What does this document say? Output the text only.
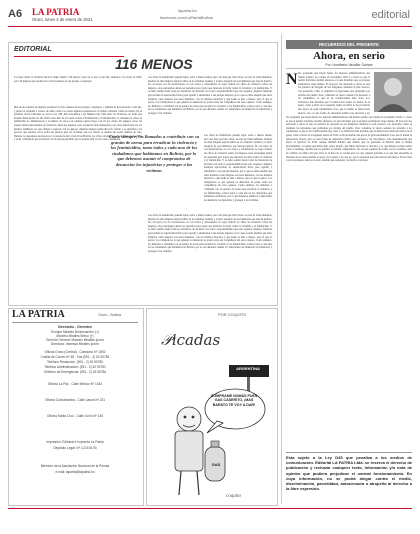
A6 LA PATRIA
Oruro, lunes 4 de enero de 2021
lapatria.bo
facebook.com/LaPatriaBolivia	editorial
EDITORIAL
116 MENOS
La triste cuenta la violencia hacia la mujer señala "116 menos", pero en lo que va del año, sumados a las cifras de 2020, son 116 mujeres que perdieron la vida en manos de sus parejas o exparejas.
Más de un centenar de mujeres perdieron la vida a manos de sus parejas o exparejas, o también de desconocidos, cada año, y dejan en orfandad a cientos de niños, entre los cuales algunos presenciaron el crimen cometido contra su madre. En el gobierno de Evo Morales se creó la Ley 348, Para Garantizar a las Mujeres una Vida Libre de Violencia, en lucha que Jeanine Áñez declaró el año 2020 como Año de la Lucha Contra el Feminicidio y el Infanticidio; no obstante las cifras de feminicidio no disminuyeron y el número de casos con condena apenas llega a un 10 por ciento. En algunos casos, las parejas tienen antecedentes de violencia contra sus mujeres, pero la justicia tarda demasiado y en otras situaciones son los mismos familiares los que obligan a regresar con su agresor. Algunas mujeres piden divorcio, llevan y se enfrentan a un proceso que muchas veces acaba sin justicia para las víctimas, que por miedo se quedan sin poder cambiar de vida. Durante la cuarentena declarada por la presencia del Covid-19 en Bolivia, las cifras alcanzaron a 23 víctimas de violencia y se ha confirmado que el encierro de las parejas permitió que no podían salir de sus casas a denunciar.
Las cifras de feminicidio pueden bajar, sobre o menos tienen, pero son más que frías cifras, se trata de vidas humanas, muchas de ellas mujeres dejaron niños en la orfandad, traumas y el grito ahogado de sus familiares que buscan justicia. Ni con leyes, ni con declaratorias, ni con avisos y advertencias se logró reducir las cifras de violencia contra las mujeres, otras estrategias deben ser pensadas para lograr que funcione la lucha contra la violencia y el feminicidio. Y se debe asumir desde todas las instancias de decisión con toda la responsabilidad que esto requiere. Algunos hombres aprovechan su superioridad física para agredir y amedrentar a sus parejas mujeres, por lo que se debe enseñar que tanto hombres como mujeres son seres humanos, con los mismos derechos y que nadie es más o menos, para el que lo ejerce. Los trabajadores lo que quieren es demostrar su poder sobre sus compañeras del sexo opuesto. Como siempre, los llamados a contribuir con su granito de arena para erradicar la violencia y los feminicidios, somos todos y cada uno de los ciudadanos que habitamos en Bolivia, por lo que debemos asumir el compromiso de denunciar los injusticias y proteger a las víctimas.
Como siempre, los llamados a contribuir con su granito de arena para erradicar la violencia y los feminicidios, tomo todos y cada uno de los ciudadanos que habitamos en Bolivia, por lo que debemos asumir el compromiso de denunciar los injusticias y proteger a las víctimas
Las cifras de feminicidio pueden bajar, sobre o menos tienen, pero son más que frías cifras, se trata de vidas humanas, muchas de ellas mujeres dejaron niños en la orfandad, traumas y el grito ahogado de sus familiares que buscan justicia. Ni con leyes, ni con declaratorias, ni con avisos y advertencias se logró reducir las cifras de violencia contra las mujeres, otras estrategias deben ser pensadas para lograr que funcione la lucha contra la violencia y el feminicidio. Y se debe asumir desde todas las instancias de decisión con toda la responsabilidad que esto requiere. Algunos hombres aprovechan su superioridad física para agredir y amedrentar a sus parejas mujeres, por lo que se debe enseñar que tanto hombres como mujeres son seres humanos, con los mismos derechos y que nadie es más o menos, para el que lo ejerce. Los trabajadores lo que quieren es demostrar su poder sobre sus compañeras del sexo opuesto. Como siempre, los llamados a contribuir con su granito de arena para erradicar la violencia y los feminicidios, somos todos y cada uno de los ciudadanos que habitamos en Bolivia, por lo que debemos asumir el compromiso de denunciar los injusticias y proteger a las víctimas.
Las cifras de feminicidio pueden bajar, sobre o menos tienen, pero son más que frías cifras, se trata de vidas humanas, muchas de ellas mujeres dejaron niños en la orfandad, traumas y el grito ahogado de sus familiares que buscan justicia. Ni con leyes, ni con declaratorias, ni con avisos y advertencias se logró reducir las cifras de violencia contra las mujeres, otras estrategias deben ser pensadas para lograr que funcione la lucha contra la violencia y el feminicidio. Y se debe asumir desde todas las instancias de decisión con toda la responsabilidad que esto requiere. Algunos hombres aprovechan su superioridad física para agredir y amedrentar a sus parejas mujeres, por lo que se debe enseñar que tanto hombres como mujeres son seres humanos, con los mismos derechos y que nadie es más o menos, para el que lo ejerce. Los trabajadores lo que quieren es demostrar su poder sobre sus compañeras del sexo opuesto. Como siempre, los llamados a contribuir con su granito de arena para erradicar la violencia y los feminicidios, somos todos y cada uno de los ciudadanos que habitamos en Bolivia, por lo que debemos asumir el compromiso de denunciar los injusticias y proteger a las víctimas.
LA PATRIA	Oruro - Bolivia
Directorio - Gerentes
Enrique Miralles Bonnecarrère (†)
Marcelo Miralles Bravo (†)
Gerente General: Marcelo Miralles Iporre
Directora: Vanessa Miralles Iporre
Oficina Oruro (Central) - Camacho Nº 1892
Casilla de Correo Nº 48 · Fax (591 - 2) 52 50782
Teléfono Redacción: (591 - 2) 52 50780
Teléfono Administración: (591 - 2) 52 50781
Teléfono de Emergencia: (591 - 2) 52 50784
Oficina La Paz - Calle México Nº 1433
Oficina Cochabamba - Calle Lanza Nº 231
Oficina Santa Cruz - Calle Junín Nº 145
Impresión: Editorial e Imprenta La Patria
Depósito Legal: Nº 4-3-918-93
Miembro de la Asociación Nacional de la Prensa
e-mail: lapatria@lapatria.bo
𝒫icadas
POR COQUITO
ARGENTINA
COMPRAME NOMÁS PUES GAS CASERITO, ¡MAS BARATO TE VOY A DAR!
GAS
coquito
RECUERDOS DEL PRESENTE
Ahora, en serio
Por: Humberto Vacaflor Ganam
N No sorprende que hayan hecho los mejores administradores del triunfo político de octubre en noviembre 2019. Lo cierto es que el pueblo boliviano decidió entonces a la una dictadura que se propuso permanecer largo tiempo. El proyecto fue derrotado y ahora se dan los partidos de abogado de sus dirigentes, mientras el país observa, con paciencia, cómo se dominan los ignorantes que gobiernan por encima del pueblo. Pero comenzar, el nuevo sendero ha desatado a los ciudadanos, lo que es un condicionante muy claro. Los bolivianos han decidido que la democracia estaba en manos de la gente, como ocurrió en la segunda vuelta de 2019, se ha producido una época de gran sensibilidad. Creo que la llamar la democracia directa, pero es una forma de expresión política que desvaría a los
No sorprende que hayan hecho los mejores administradores del triunfo político de octubre en noviembre 2019. Lo cierto es que el pueblo boliviano decidió entonces a la una dictadura que se propuso permanecer largo tiempo. El proyecto fue derrotado y ahora se dan los partidos de abogado de sus dirigentes, mientras el país observa, con paciencia, cómo se dominan los ignorantes que gobiernan por encima del pueblo. Pero comenzar, el nuevo sendero ha desatado a los ciudadanos, lo que es un condicionante muy claro. Los bolivianos han decidido que la democracia estaba en manos de la gente, como ocurrió en la segunda vuelta de 2019, se ha producido una época de gran sensibilidad. Creo que la llamar la democracia directa, pero es una forma de expresión política que desvaría a los ideológicos. Una determinación que marcó el ejercicio de 2019, aunque también hubiera que señalar que las gestiones en Bolivia tiene la misma incertidumbre. La gente que había dado aquel triunfo, que había derrotado al dictador, y la que hubiera podido luchar como el domingo, decidió que los partidos no habían comprendido. No era una cuestión de acabar con los caudillos, sino de cambiar el rumbo del país. Esta es la hora de la verdad para los que quieren gobernar. Los que han entendido el mensaje de las urnas tendrán el apoyo de la gente y los que no, que se preparen para una derrota aún mayor. Ya no basta con las promesas. Ahora, en serio, tendrán que responder con hechos concretos.
Esta sujeto a la Ley D45 que penaliza a los medios de comunicación. Editorial LA PATRIA Ltda. se reserva el derecho de publicación y rechazar cualquier texto, información y/o nota de opinión que pudiera perjudicar el normal funcionamiento. En cuya información, no se podrá alegar contra el medio, discriminación, parcialidad, autocensura o atropello al derecho a la libre expresión.
